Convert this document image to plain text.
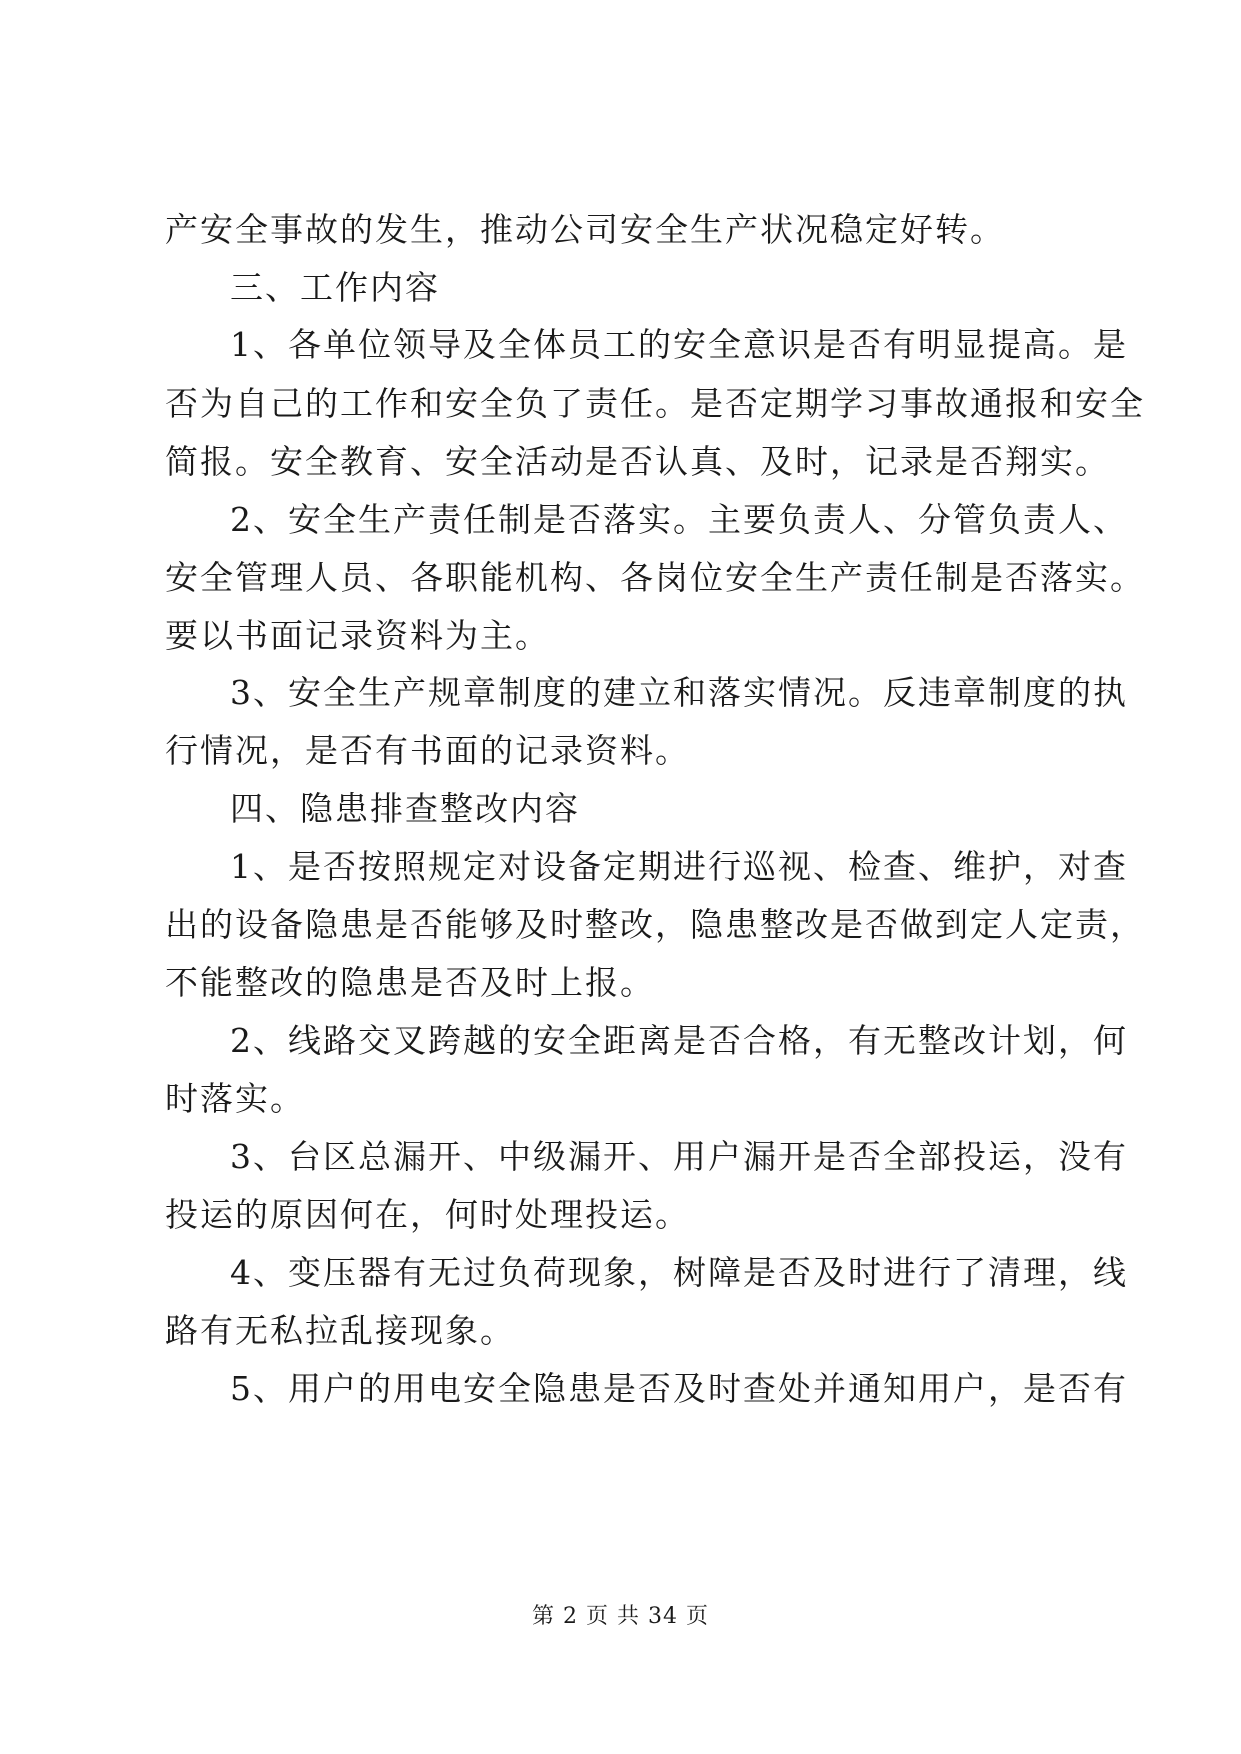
产安全事故的发生，推动公司安全生产状况稳定好转。
三、工作内容
1、各单位领导及全体员工的安全意识是否有明显提高。是
否为自己的工作和安全负了责任。是否定期学习事故通报和安全
简报。安全教育、安全活动是否认真、及时，记录是否翔实。
2、安全生产责任制是否落实。主要负责人、分管负责人、
安全管理人员、各职能机构、各岗位安全生产责任制是否落实。
要以书面记录资料为主。
3、安全生产规章制度的建立和落实情况。反违章制度的执
行情况，是否有书面的记录资料。
四、隐患排查整改内容
1、是否按照规定对设备定期进行巡视、检查、维护，对查
出的设备隐患是否能够及时整改，隐患整改是否做到定人定责，
不能整改的隐患是否及时上报。
2、线路交叉跨越的安全距离是否合格，有无整改计划，何
时落实。
3、台区总漏开、中级漏开、用户漏开是否全部投运，没有
投运的原因何在，何时处理投运。
4、变压器有无过负荷现象，树障是否及时进行了清理，线
路有无私拉乱接现象。
5、用户的用电安全隐患是否及时查处并通知用户，是否有
第 2 页 共 34 页
